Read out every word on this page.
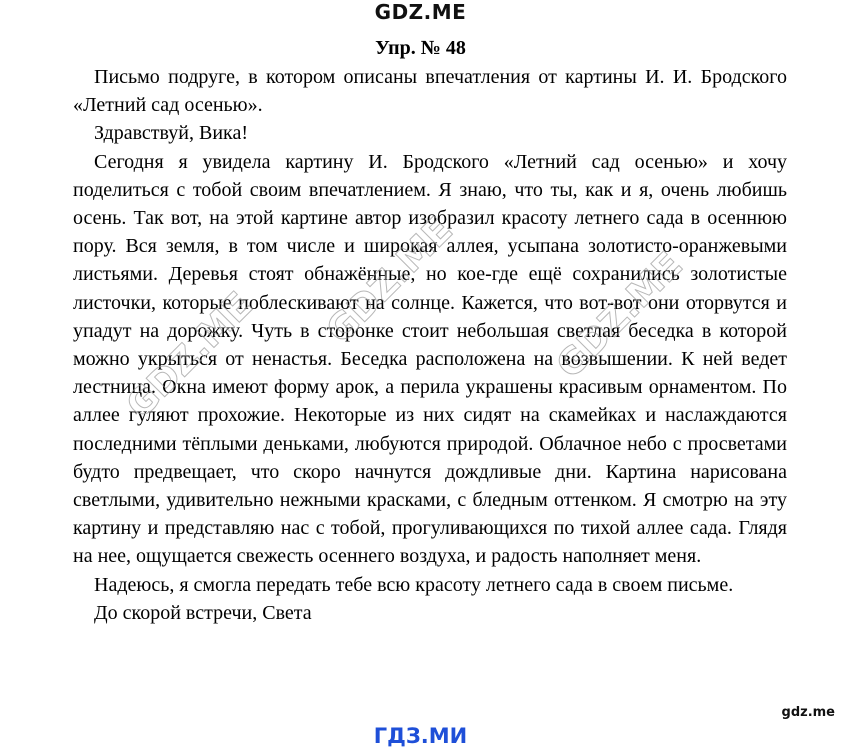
GDZ.ME
Упр. № 48

Письмо подруге, в котором описаны впечатления от картины И. И. Бродского «Летний сад осенью».

Здравствуй, Вика!

Сегодня я увидела картину И. Бродского «Летний сад осенью» и хочу поделиться с тобой своим впечатлением. Я знаю, что ты, как и я, очень любишь осень. Так вот, на этой картине автор изобразил красоту летнего сада в осеннюю пору. Вся земля, в том числе и широкая аллея, усыпана золотисто-оранжевыми листьями. Деревья стоят обнажённые, но кое-где ещё сохранились золотистые листочки, которые поблескивают на солнце. Кажется, что вот-вот они оторвутся и упадут на дорожку. Чуть в сторонке стоит небольшая светлая беседка в которой можно укрыться от ненастья. Беседка расположена на возвышении. К ней ведет лестница. Окна имеют форму арок, а перила украшены красивым орнаментом. По аллее гуляют прохожие. Некоторые из них сидят на скамейках и наслаждаются последними тёплыми деньками, любуются природой. Облачное небо с просветами будто предвещает, что скоро начнутся дождливые дни. Картина нарисована светлыми, удивительно нежными красками, с бледным оттенком. Я смотрю на эту картину и представляю нас с тобой, прогуливающихся по тихой аллее сада. Глядя на нее, ощущается свежесть осеннего воздуха, и радость наполняет меня.

Надеюсь, я смогла передать тебе всю красоту летнего сада в своем письме.

До скорой встречи, Света

GDZ.ME
GDZ.ME GDZ.ME
gdz.me
ГДЗ.МИ
